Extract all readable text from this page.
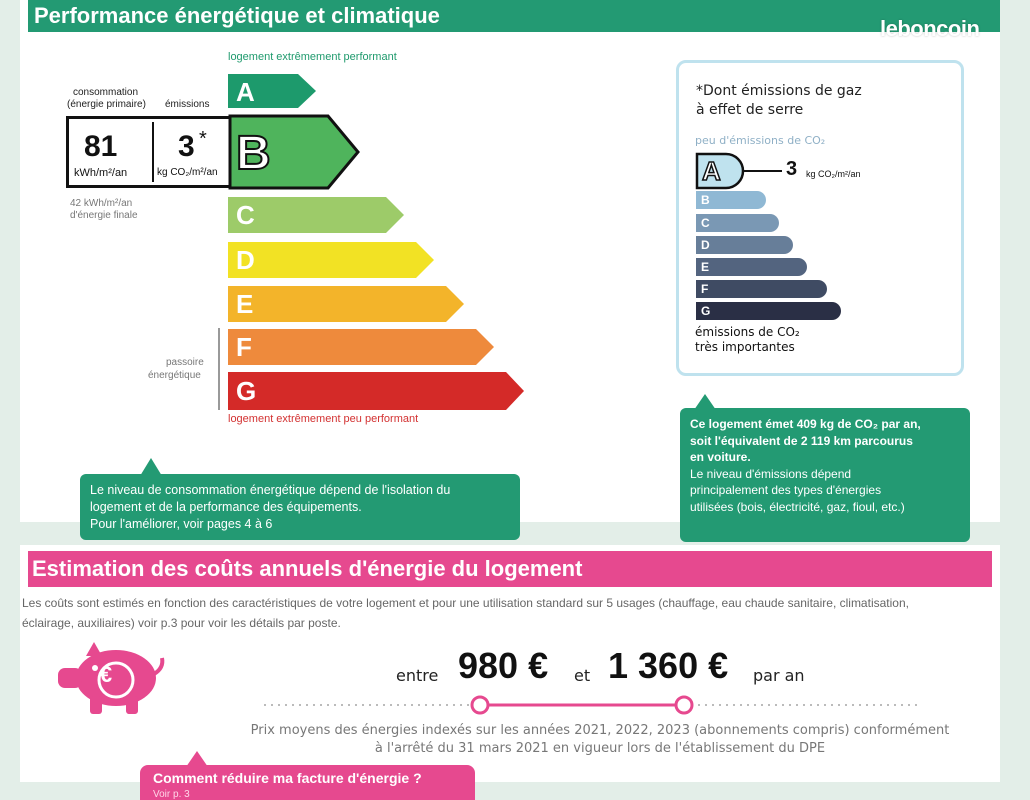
Performance énergétique et climatique
leboncoin
logement extrêmement performant
logement extrêmement peu performant
consommation
(énergie primaire) émissions
81
kWh/m²/an
3 *
kg CO₂/m²/an
42 kWh/m²/an
d'énergie finale
passoire
énergétique
A
B
C
D
E
F
G
Le niveau de consommation énergétique dépend de l'isolation du
logement et de la performance des équipements.
Pour l'améliorer, voir pages 4 à 6
*Dont émissions de gaz
à effet de serre
peu d'émissions de CO₂
A	3 kg CO₂/m²/an
B
C
D
E
F
G
émissions de CO₂
très importantes
Ce logement émet 409 kg de CO₂ par an,
soit l'équivalent de 2 119 km parcourus
en voiture.
Le niveau d'émissions dépend
principalement des types d'énergies
utilisées (bois, électricité, gaz, fioul, etc.)
Estimation des coûts annuels d'énergie du logement
Les coûts sont estimés en fonction des caractéristiques de votre logement et pour une utilisation standard sur 5 usages (chauffage, eau chaude sanitaire, climatisation,
éclairage, auxiliaires) voir p.3 pour voir les détails par poste.
€	entre 980 € et 1 360 € par an
Prix moyens des énergies indexés sur les années 2021, 2022, 2023 (abonnements compris) conformément
à l'arrêté du 31 mars 2021 en vigueur lors de l'établissement du DPE
Comment réduire ma facture d'énergie ?
Voir p. 3
